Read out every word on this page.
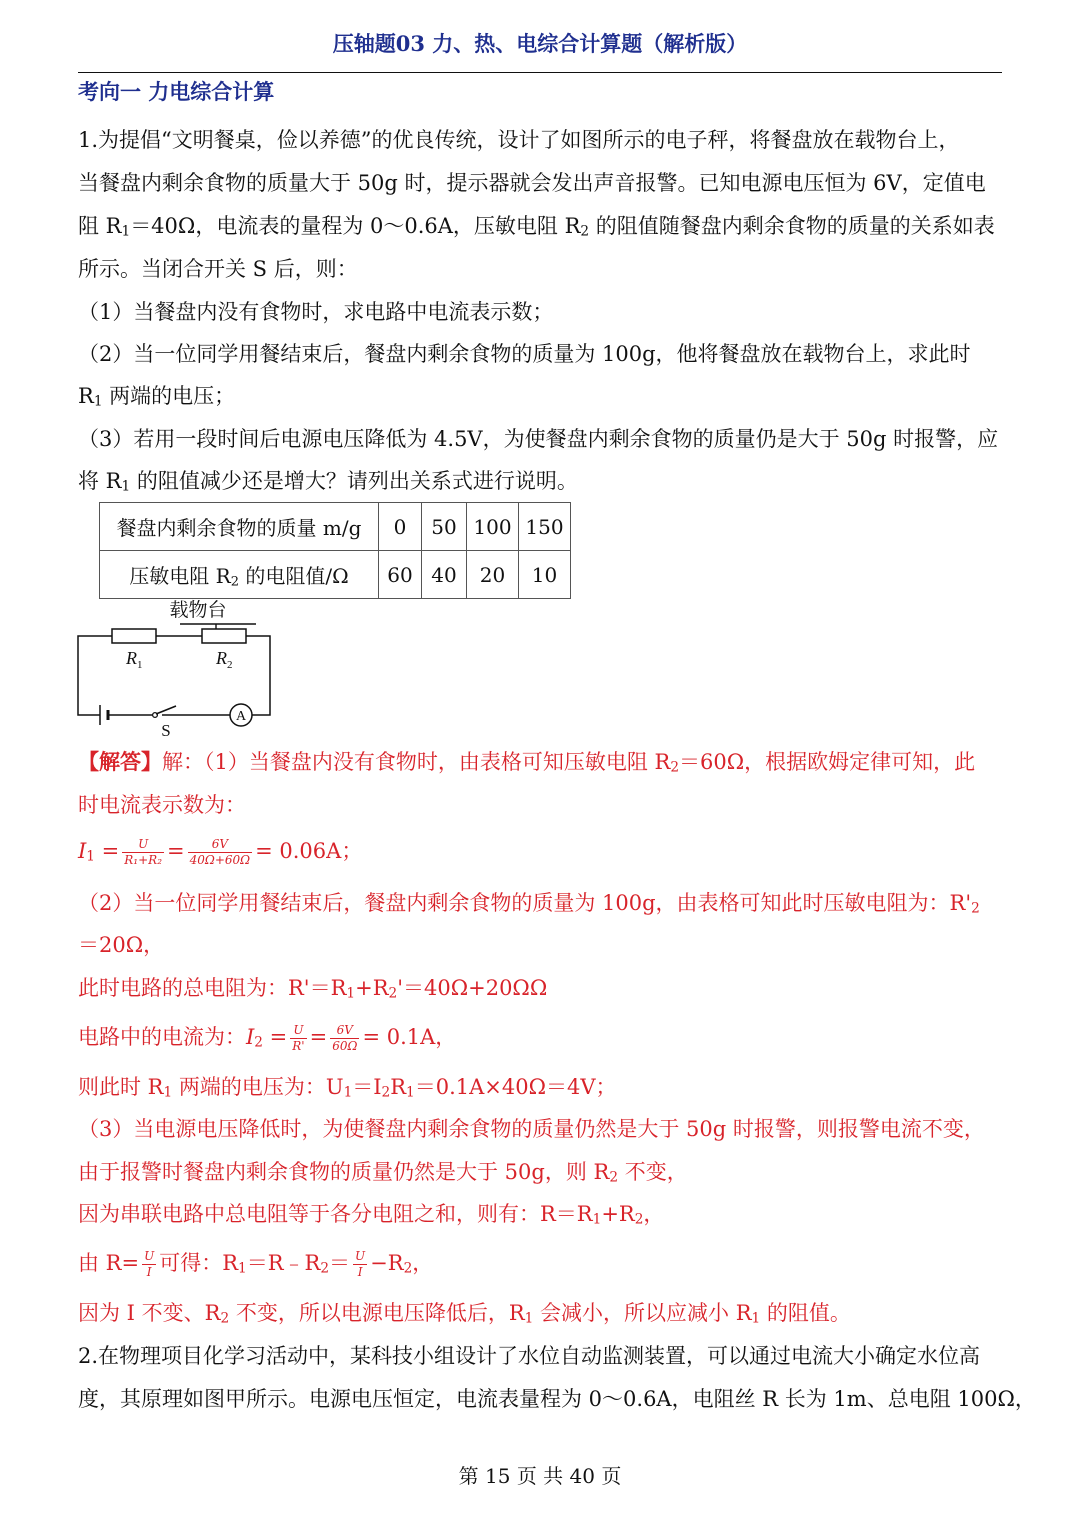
压轴题03 力、热、电综合计算题（解析版）
考向一 力电综合计算
1.为提倡“文明餐桌，俭以养德”的优良传统，设计了如图所示的电子秤，将餐盘放在载物台上，
当餐盘内剩余食物的质量大于 50g 时，提示器就会发出声音报警。已知电源电压恒为 6V，定值电
阻 $R_1=40\Omega$，电流表的量程为 0～0.6A，压敏电阻 $R_2$ 的阻值随餐盘内剩余食物的质量的关系如表
所示。当闭合开关 S 后，则：
（1）当餐盘内没有食物时，求电路中电流表示数；
（2）当一位同学用餐结束后，餐盘内剩余食物的质量为 100g，他将餐盘放在载物台上，求此时
$R_1$ 两端的电压；
（3）若用一段时间后电源电压降低为 4.5V，为使餐盘内剩余食物的质量仍是大于 50g 时报警，应
将 $R_1$ 的阻值减少还是增大？请列出关系式进行说明。
餐盘内剩余食物的质量 m/g	0	50	100	150
压敏电阻 $R_2$ 的电阻值/Ω	60	40	20	10
载物台
A
$R_1$	$R_2$
S
【解答】解：（1）当餐盘内没有食物时，由表格可知压敏电阻 $R_2=60\Omega$，根据欧姆定律可知，此
时电流表示数为：
$I_1 = \frac{U}{\text{R₁+R₂}} = \frac{6V}{40\Omega+60\Omega} = 0.06A$；
（2）当一位同学用餐结束后，餐盘内剩余食物的质量为 100g，由表格可知此时压敏电阻为：$R'_2$
＝20Ω，
此时电路的总电阻为：$R'=R_1+R_2'=40\Omega+20\Omega\Omega$
电路中的电流为：$I_2 = \frac{U}{R'} = \frac{6V}{60\Omega} = 0.1A$，
则此时 $R_1$ 两端的电压为：$U_1=I_2R_1=0.1A\times 40\Omega=4V$；
（3）当电源电压降低时，为使餐盘内剩余食物的质量仍然是大于 50g 时报警，则报警电流不变，
由于报警时餐盘内剩余食物的质量仍然是大于 50g，则 $R_2$ 不变，
因为串联电路中总电阻等于各分电阻之和，则有：$R=R_1+R_2$，
由 $R= \frac{U}{I}$ 可得：$R_1=R﹣R_2= \frac{U}{I} -R_2$，
因为 I 不变、$R_2$ 不变，所以电源电压降低后，$R_1$ 会减小，所以应减小 $R_1$ 的阻值。
2.在物理项目化学习活动中，某科技小组设计了水位自动监测装置，可以通过电流大小确定水位高
度，其原理如图甲所示。电源电压恒定，电流表量程为 0～0.6A，电阻丝 R 长为 1m、总电阻 100Ω，
第 15 页 共 40 页
